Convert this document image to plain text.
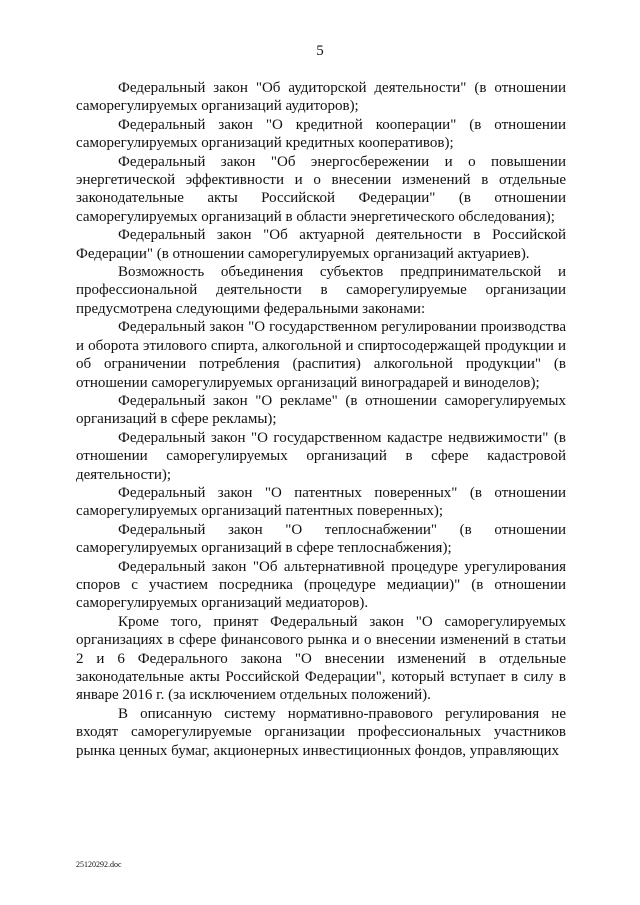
5

Федеральный закон "Об аудиторской деятельности" (в отношении саморегулируемых организаций аудиторов);

Федеральный закон "О кредитной кооперации" (в отношении саморегулируемых организаций кредитных кооперативов);

Федеральный закон "Об энергосбережении и о повышении энергетической эффективности и о внесении изменений в отдельные законодательные акты Российской Федерации" (в отношении саморегулируемых организаций в области энергетического обследования);

Федеральный закон "Об актуарной деятельности в Российской Федерации" (в отношении саморегулируемых организаций актуариев).

Возможность объединения субъектов предпринимательской и профессиональной деятельности в саморегулируемые организации предусмотрена следующими федеральными законами:

Федеральный закон "О государственном регулировании производства и оборота этилового спирта, алкогольной и спиртосодержащей продукции и об ограничении потребления (распития) алкогольной продукции" (в отношении саморегулируемых организаций виноградарей и виноделов);

Федеральный закон "О рекламе" (в отношении саморегулируемых организаций в сфере рекламы);

Федеральный закон "О государственном кадастре недвижимости" (в отношении саморегулируемых организаций в сфере кадастровой деятельности);

Федеральный закон "О патентных поверенных" (в отношении саморегулируемых организаций патентных поверенных);

Федеральный закон "О теплоснабжении" (в отношении саморегулируемых организаций в сфере теплоснабжения);

Федеральный закон "Об альтернативной процедуре урегулирования споров с участием посредника (процедуре медиации)" (в отношении саморегулируемых организаций медиаторов).

Кроме того, принят Федеральный закон "О саморегулируемых организациях в сфере финансового рынка и о внесении изменений в статьи 2 и 6 Федерального закона "О внесении изменений в отдельные законодательные акты Российской Федерации", который вступает в силу в январе 2016 г. (за исключением отдельных положений).

В описанную систему нормативно-правового регулирования не входят саморегулируемые организации профессиональных участников рынка ценных бумаг, акционерных инвестиционных фондов, управляющих

25120292.doc
